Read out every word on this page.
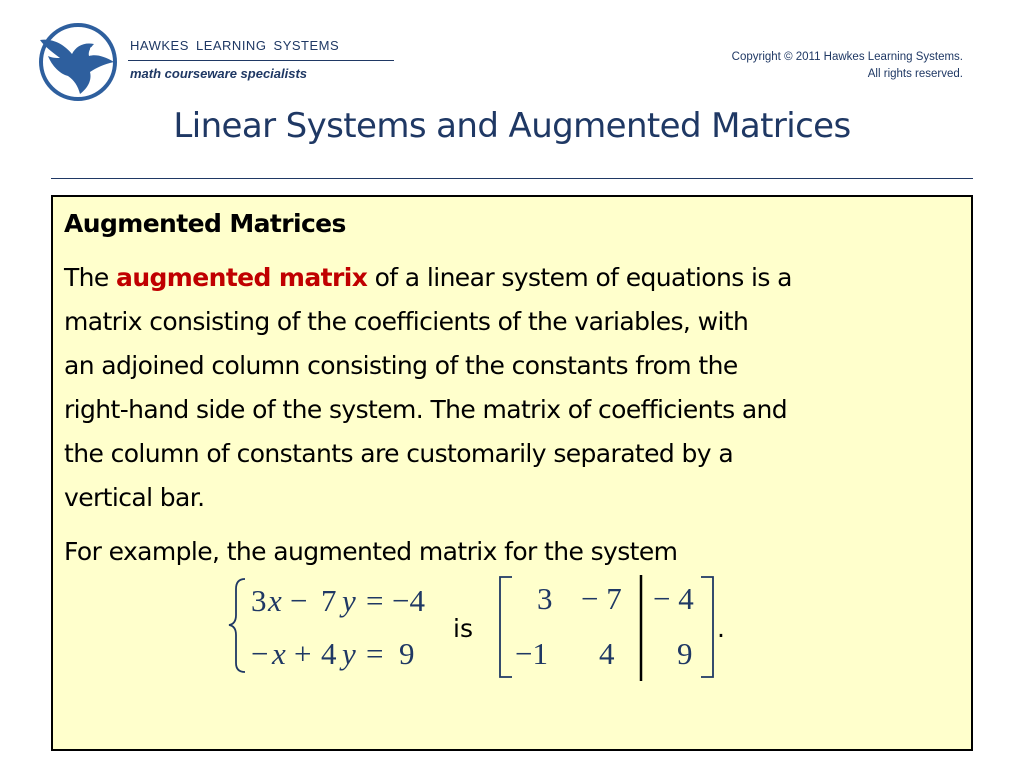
HAWKES LEARNING SYSTEMS
math courseware specialists
Copyright © 2011 Hawkes Learning Systems.
All rights reserved.
Linear Systems and Augmented Matrices
Augmented Matrices
The augmented matrix of a linear system of equations is a
matrix consisting of the coefficients of the variables, with
an adjoined column consisting of the constants from the
right-hand side of the system. The matrix of coefficients and
the column of constants are customarily separated by a
vertical bar.
For example, the augmented matrix for the system
3x − 7 y = −4
− x + 4 y = 9
is
3 − 7 − 4
−1 4 9
.
